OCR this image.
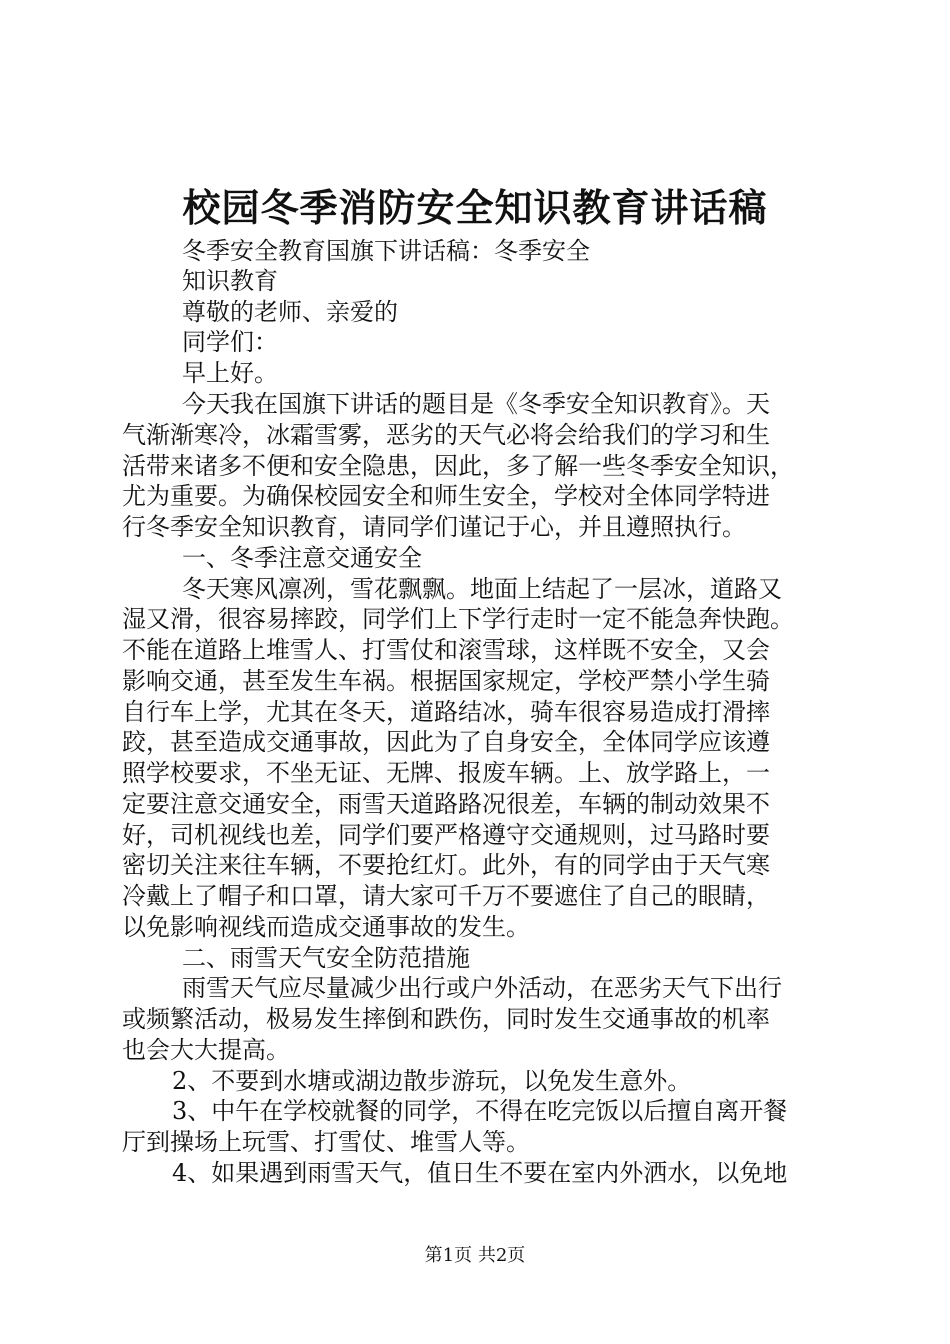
校园冬季消防安全知识教育讲话稿
冬季安全教育国旗下讲话稿：冬季安全
知识教育
尊敬的老师、亲爱的
同学们：
早上好。
今天我在国旗下讲话的题目是《冬季安全知识教育》。天
气渐渐寒冷，冰霜雪雾，恶劣的天气必将会给我们的学习和生
活带来诸多不便和安全隐患，因此，多了解一些冬季安全知识，
尤为重要。为确保校园安全和师生安全，学校对全体同学特进
行冬季安全知识教育，请同学们谨记于心，并且遵照执行。
一、冬季注意交通安全
冬天寒风凛冽，雪花飘飘。地面上结起了一层冰，道路又
湿又滑，很容易摔跤，同学们上下学行走时一定不能急奔快跑。
不能在道路上堆雪人、打雪仗和滚雪球，这样既不安全，又会
影响交通，甚至发生车祸。根据国家规定，学校严禁小学生骑
自行车上学，尤其在冬天，道路结冰，骑车很容易造成打滑摔
跤，甚至造成交通事故，因此为了自身安全，全体同学应该遵
照学校要求，不坐无证、无牌、报废车辆。上、放学路上，一
定要注意交通安全，雨雪天道路路况很差，车辆的制动效果不
好，司机视线也差，同学们要严格遵守交通规则，过马路时要
密切关注来往车辆，不要抢红灯。此外，有的同学由于天气寒
冷戴上了帽子和口罩，请大家可千万不要遮住了自己的眼睛，
以免影响视线而造成交通事故的发生。
二、雨雪天气安全防范措施
雨雪天气应尽量减少出行或户外活动，在恶劣天气下出行
或频繁活动，极易发生摔倒和跌伤，同时发生交通事故的机率
也会大大提高。
2、不要到水塘或湖边散步游玩，以免发生意外。
3、中午在学校就餐的同学，不得在吃完饭以后擅自离开餐
厅到操场上玩雪、打雪仗、堆雪人等。
4、如果遇到雨雪天气，值日生不要在室内外洒水，以免地
第1页 共2页
